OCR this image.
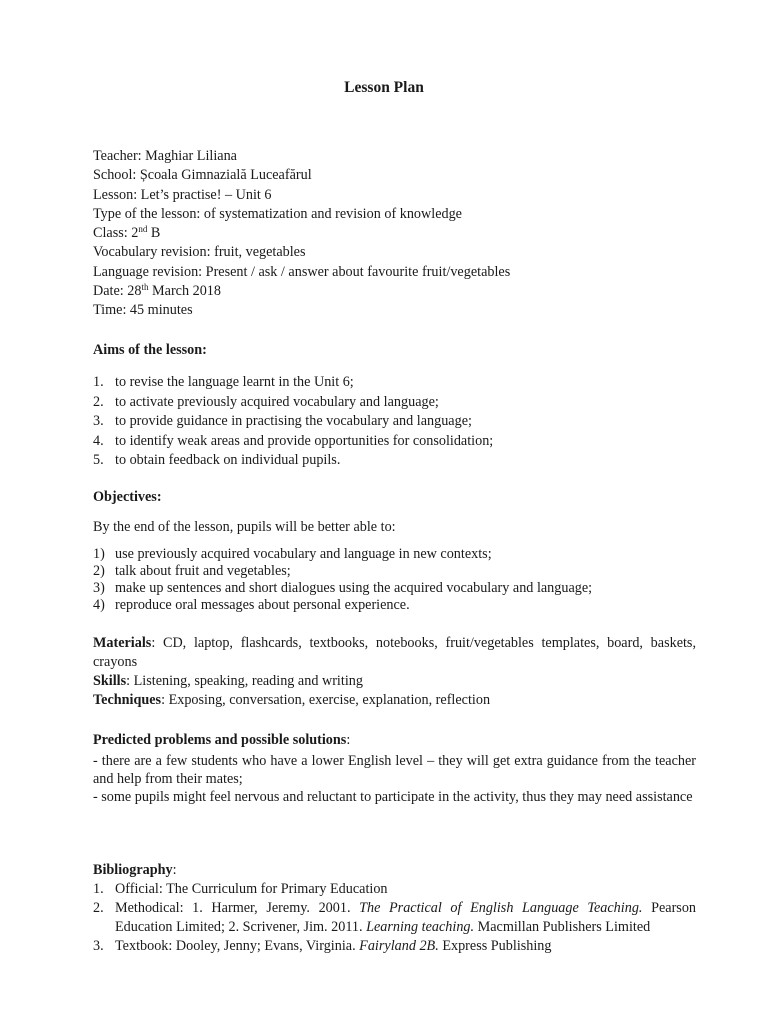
Lesson Plan
Teacher: Maghiar Liliana
School: Școala Gimnazială Luceafărul
Lesson: Let’s practise! – Unit 6
Type of the lesson: of systematization and revision of knowledge
Class: 2nd B
Vocabulary revision: fruit, vegetables
Language revision: Present / ask / answer about favourite fruit/vegetables
Date: 28th March 2018
Time: 45 minutes
Aims of the lesson:
1. to revise the language learnt in the Unit 6;
2. to activate previously acquired vocabulary and language;
3. to provide guidance in practising the vocabulary and language;
4. to identify weak areas and provide opportunities for consolidation;
5. to obtain feedback on individual pupils.
Objectives:
By the end of the lesson, pupils will be better able to:
1) use previously acquired vocabulary and language in new contexts;
2) talk about fruit and vegetables;
3) make up sentences and short dialogues using the acquired vocabulary and language;
4) reproduce oral messages about personal experience.
Materials: CD, laptop, flashcards, textbooks, notebooks, fruit/vegetables templates, board, baskets, crayons
Skills: Listening, speaking, reading and writing
Techniques: Exposing, conversation, exercise, explanation, reflection
Predicted problems and possible solutions:
- there are a few students who have a lower English level – they will get extra guidance from the teacher and help from their mates;
- some pupils might feel nervous and reluctant to participate in the activity, thus they may need assistance
Bibliography:
1. Official: The Curriculum for Primary Education
2. Methodical: 1. Harmer, Jeremy. 2001. The Practical of English Language Teaching. Pearson Education Limited; 2. Scrivener, Jim. 2011. Learning teaching. Macmillan Publishers Limited
3. Textbook: Dooley, Jenny; Evans, Virginia. Fairyland 2B. Express Publishing
